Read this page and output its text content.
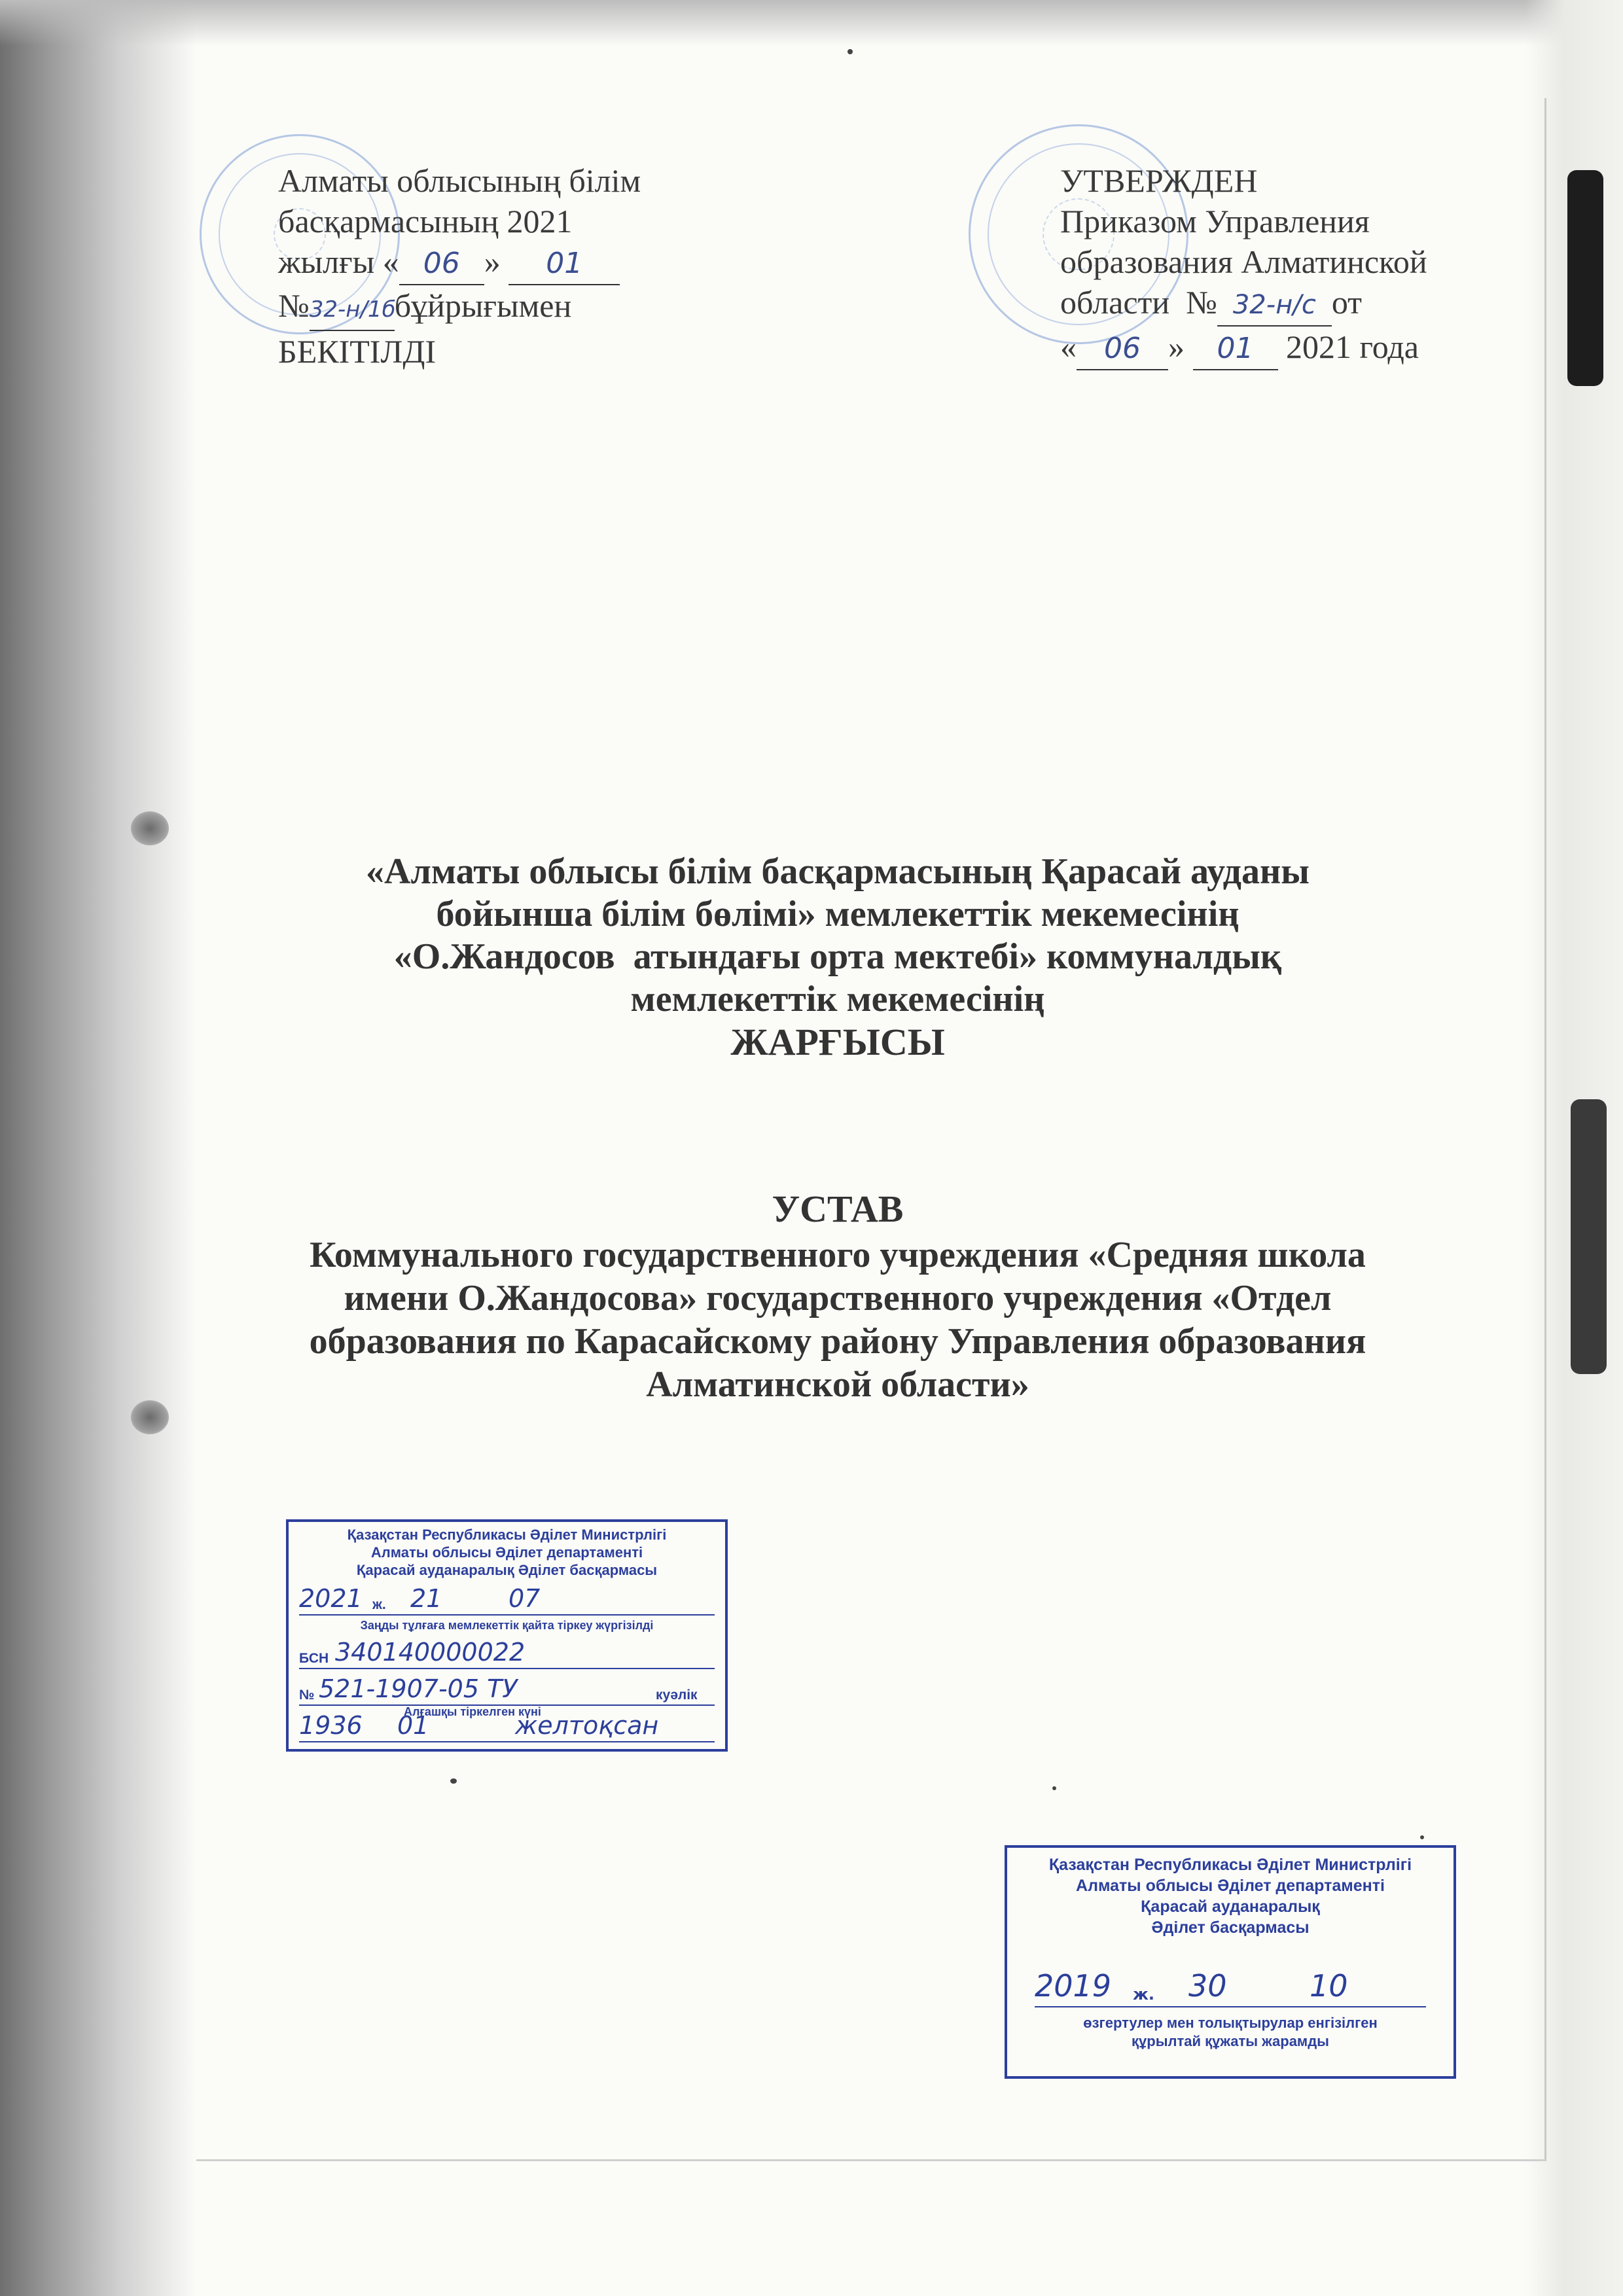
Алматы облысының білім
басқармасының 2021
жылғы « 06 » 01
№32-н/1ббұйрығымен
БЕКІТІЛДІ
УТВЕРЖДЕН
Приказом Управления
образования Алматинской
области  № 32-н/с от
« 06 » 01 2021 года
«Алматы облысы білім басқармасының Қарасай ауданы
бойынша білім бөлімі» мемлекеттік мекемесінің
«О.Жандосов  атындағы орта мектебі» коммуналдық
мемлекеттік мекемесінің
ЖАРҒЫСЫ
УСТАВ
Коммунального государственного учреждения «Средняя школа
имени О.Жандосова» государственного учреждения «Отдел
образования по Карасайскому району Управления образования
Алматинской области»
Қазақстан Республикасы Әділет Министрлігі
Алматы облысы Әділет департаменті
Қарасай ауданаралық Әділет басқармасы
2021 ж. 21	07
Заңды тұлғаға мемлекеттік қайта тіркеу жүргізілді
БСН 340140000022
№ 521-1907-05 ТУ	куәлік
Алғашқы тіркелген күні
1936 01	желтоқсан
Қазақстан Республикасы Әділет Министрлігі
Алматы облысы Әділет департаменті
Қарасай ауданаралық
Әділет басқармасы
2019 ж. 30	10
өзгертулер мен толықтырулар енгізілген
құрылтай құжаты жарамды
